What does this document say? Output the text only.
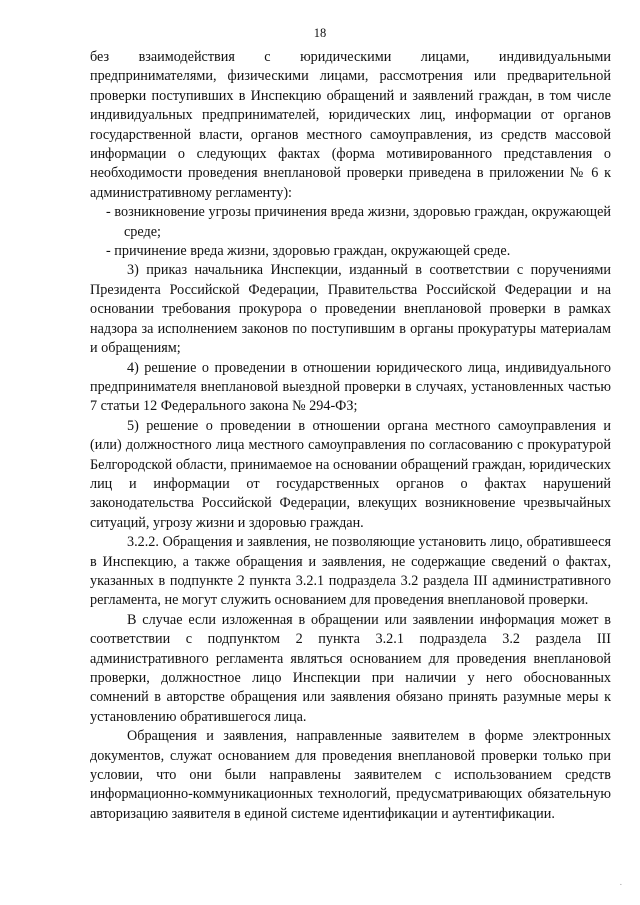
18

без взаимодействия с юридическими лицами, индивидуальными предпринимателями, физическими лицами, рассмотрения или предварительной проверки поступивших в Инспекцию обращений и заявлений граждан, в том числе индивидуальных предпринимателей, юридических лиц, информации от органов государственной власти, органов местного самоуправления, из средств массовой информации о следующих фактах (форма мотивированного представления о необходимости проведения внеплановой проверки приведена в приложении № 6 к административному регламенту):

- возникновение угрозы причинения вреда жизни, здоровью граждан, окружающей среде;

- причинение вреда жизни, здоровью граждан, окружающей среде.

3) приказ начальника Инспекции, изданный в соответствии с поручениями Президента Российской Федерации, Правительства Российской Федерации и на основании требования прокурора о проведении внеплановой проверки в рамках надзора за исполнением законов по поступившим в органы прокуратуры материалам и обращениям;

4) решение о проведении в отношении юридического лица, индивидуального предпринимателя внеплановой выездной проверки в случаях, установленных частью 7 статьи 12 Федерального закона № 294-ФЗ;

5) решение о проведении в отношении органа местного самоуправления и (или) должностного лица местного самоуправления по согласованию с прокуратурой Белгородской области, принимаемое на основании обращений граждан, юридических лиц и информации от государственных органов о фактах нарушений законодательства Российской Федерации, влекущих возникновение чрезвычайных ситуаций, угрозу жизни и здоровью граждан.

3.2.2. Обращения и заявления, не позволяющие установить лицо, обратившееся в Инспекцию, а также обращения и заявления, не содержащие сведений о фактах, указанных в подпункте 2 пункта 3.2.1 подраздела 3.2 раздела III административного регламента, не могут служить основанием для проведения внеплановой проверки.

В случае если изложенная в обращении или заявлении информация может в соответствии с подпунктом 2 пункта 3.2.1 подраздела 3.2 раздела III административного регламента являться основанием для проведения внеплановой проверки, должностное лицо Инспекции при наличии у него обоснованных сомнений в авторстве обращения или заявления обязано принять разумные меры к установлению обратившегося лица.

Обращения и заявления, направленные заявителем в форме электронных документов, служат основанием для проведения внеплановой проверки только при условии, что они были направлены заявителем с использованием средств информационно-коммуникационных технологий, предусматривающих обязательную авторизацию заявителя в единой системе идентификации и аутентификации.

.
